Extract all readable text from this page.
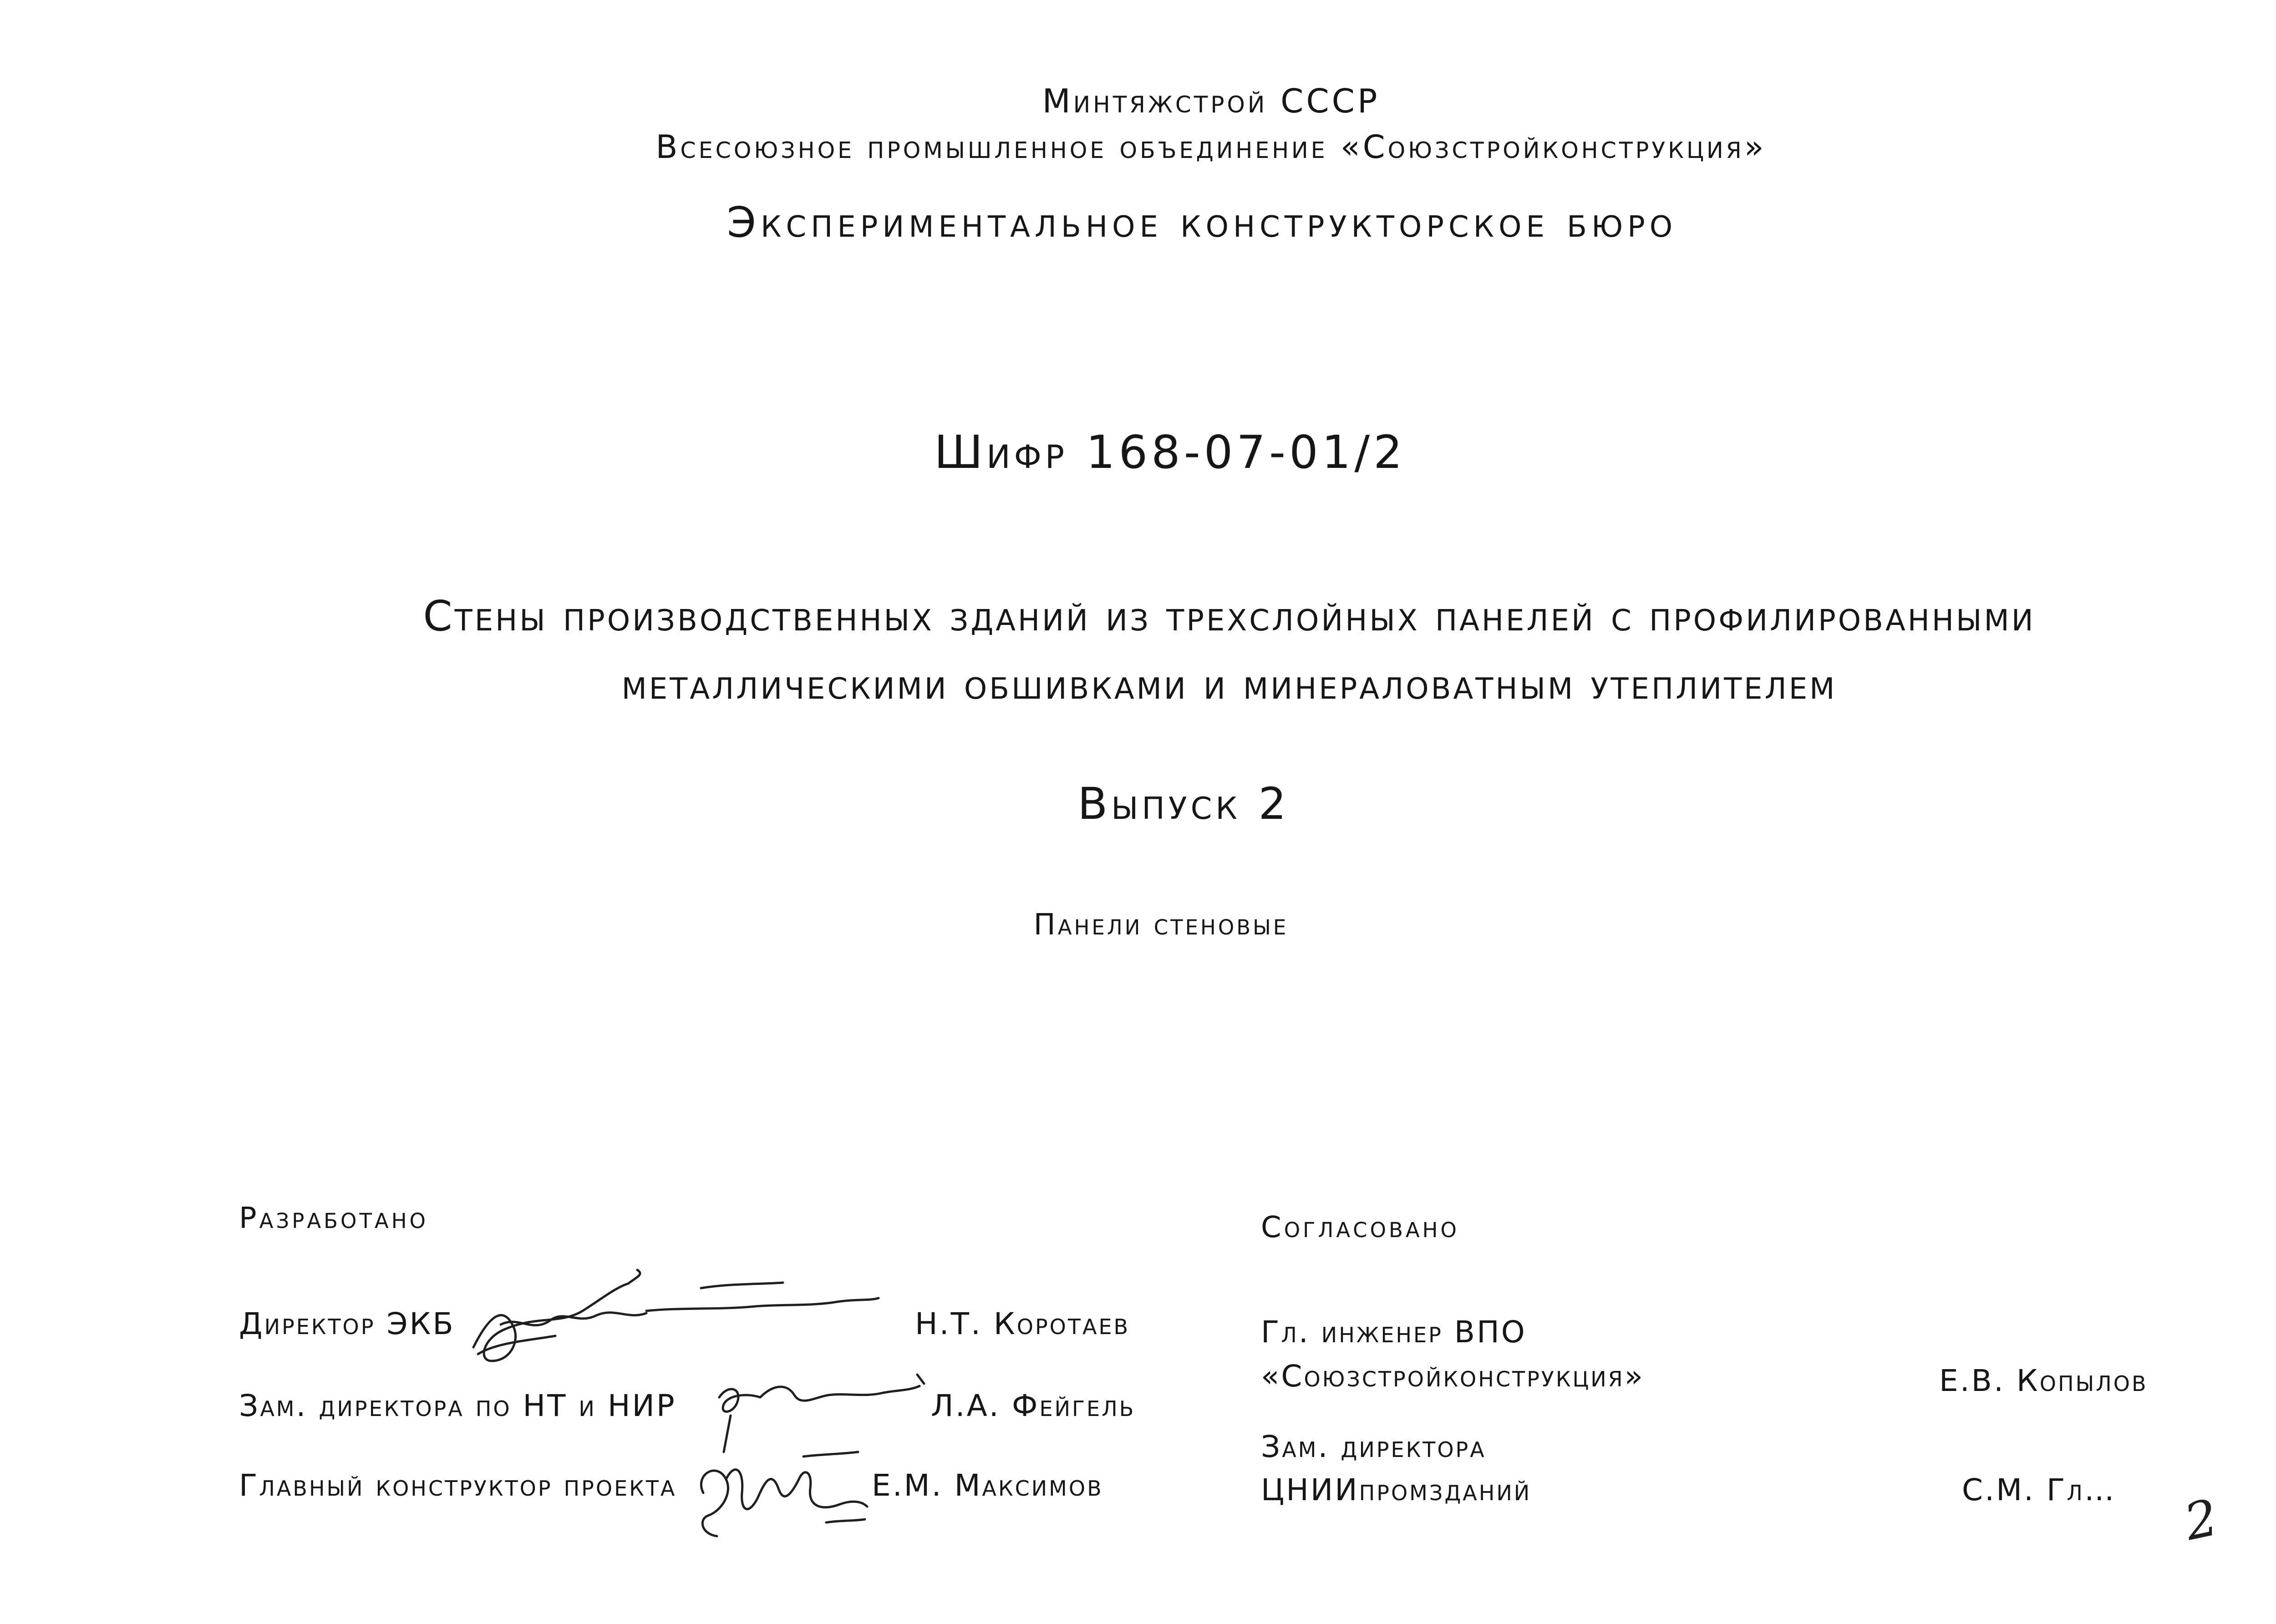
Минтяжстрой СССР
Всесоюзное промышленное объединение «Союзстройконструкция»
Экспериментальное конструкторское бюро
Шифр 168-07-01/2
Стены производственных зданий из трехслойных панелей с профилированными
металлическими обшивками и минераловатным утеплителем
Выпуск 2
Панели стеновые
Разработано
Директор ЭКБ	Н.Т. Коротаев
Зам. директора по НТ и НИР	Л.А. Фейгель
Главный конструктор проекта	Е.М. Максимов
Согласовано
Гл. инженер ВПО
«Союзстройконструкция»	Е.В. Копылов
Зам. директора
ЦНИИпромзданий	С.М. Гл… 2
